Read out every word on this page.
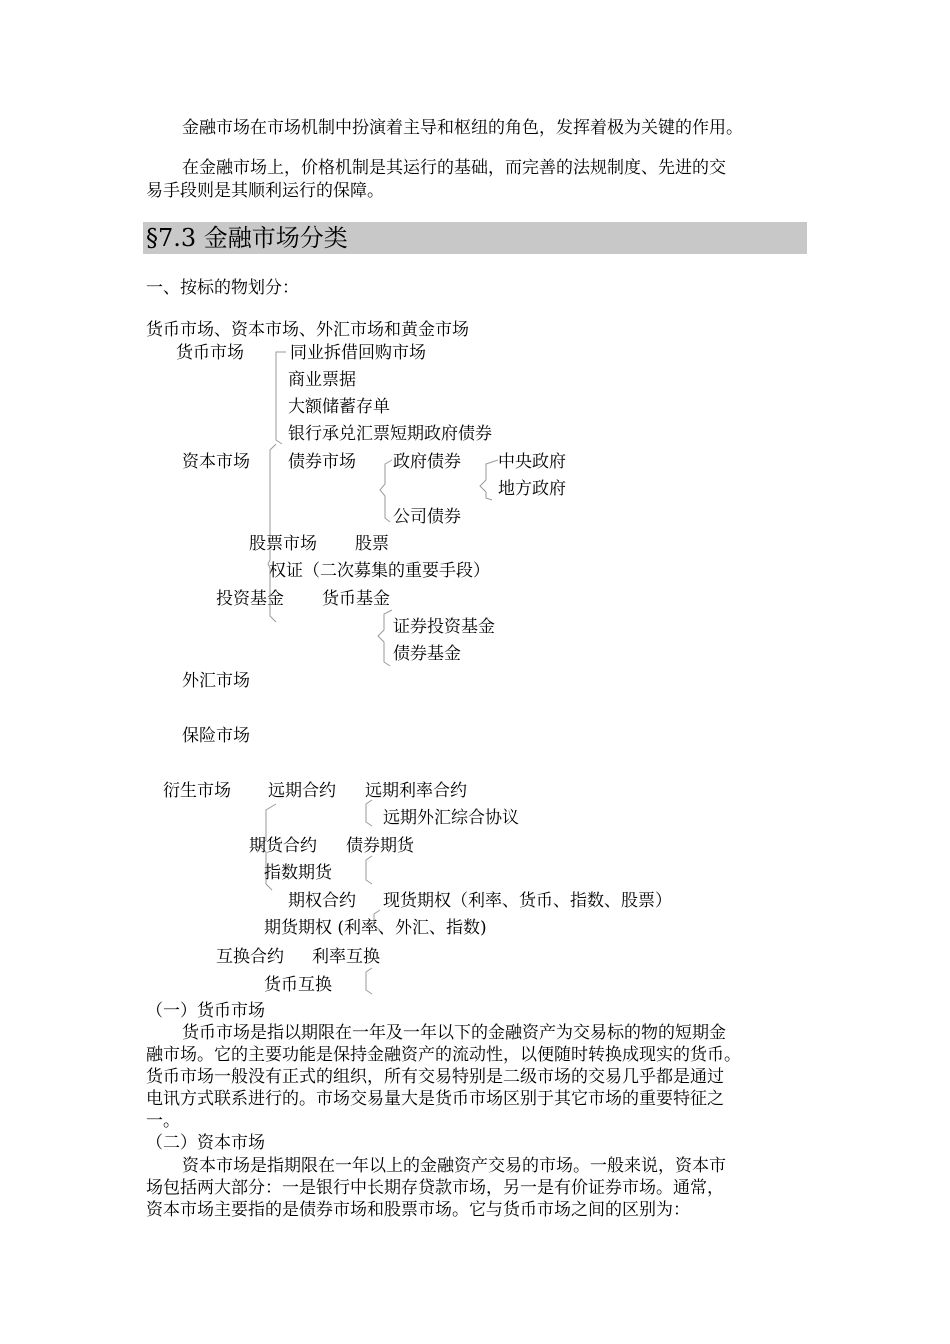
金融市场在市场机制中扮演着主导和枢纽的角色，发挥着极为关键的作用。
在金融市场上，价格机制是其运行的基础，而完善的法规制度、先进的交
易手段则是其顺利运行的保障。
§7.3 金融市场分类
一、按标的物划分：
货币市场、资本市场、外汇市场和黄金市场
货币市场	同业拆借回购市场
商业票据
大额储蓄存单
银行承兑汇票短期政府债券
资本市场 债券市场 政府债券 中央政府
地方政府
公司债券
股票市场 股票
权证（二次募集的重要手段）
投资基金 货币基金
证券投资基金
债券基金
外汇市场
保险市场
衍生市场 远期合约 远期利率合约
远期外汇综合协议
期货合约 债券期货
指数期货
期权合约 现货期权（利率、货币、指数、股票）
期货期权 (利率、外汇、指数)
互换合约 利率互换
货币互换
（一）货币市场
货币市场是指以期限在一年及一年以下的金融资产为交易标的物的短期金
融市场。它的主要功能是保持金融资产的流动性，以便随时转换成现实的货币。
货币市场一般没有正式的组织，所有交易特别是二级市场的交易几乎都是通过
电讯方式联系进行的。市场交易量大是货币市场区别于其它市场的重要特征之
一。
（二）资本市场
资本市场是指期限在一年以上的金融资产交易的市场。一般来说，资本市
场包括两大部分：一是银行中长期存贷款市场，另一是有价证券市场。通常，
资本市场主要指的是债券市场和股票市场。它与货币市场之间的区别为：
